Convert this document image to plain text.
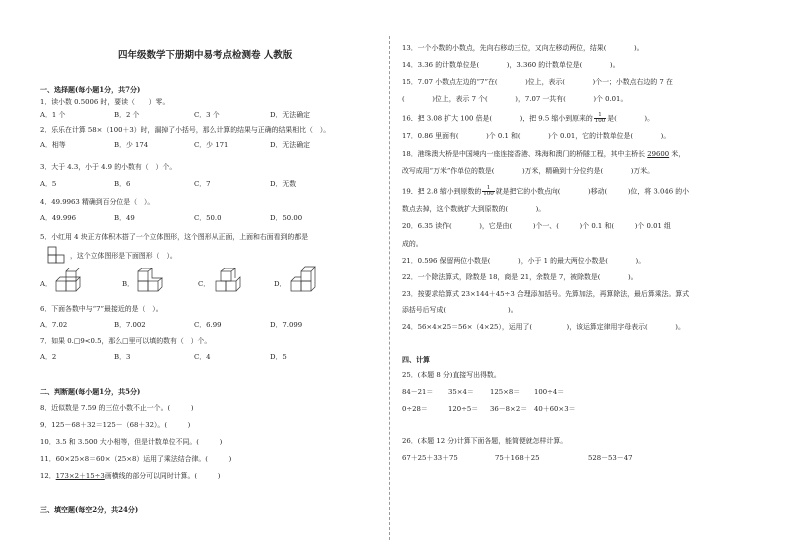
四年级数学下册期中易考点检测卷 人教版
一、选择题(每小题1分，共7分)
1．读小数 0.5006 时，要读（　　）零。
A．1 个	B．2 个	C．3 个	D．无法确定
2．乐乐在计算 58×（100＋3）时，漏掉了小括号，那么计算的结果与正确的结果相比（　）。
A．相等	B．少 174	C．少 171	D．无法确定
3．大于 4.3，小于 4.9 的小数有（　）个。
A．5	B．6	C．7	D．无数
4．49.9963 精确到百分位是（　）。
A．49.996	B．49	C．50.0	D．50.00
5．小红用 4 块正方体积木搭了一个立体图形，这个图形从正面，上面和右面看到的都是
，这个立体图形是下面图形（　）。
A．	B．	C．	D．
6．下面各数中与“7”最接近的是（　）。
A．7.02	B．7.002	C．6.99	D．7.099
7．如果 0.□9<0.5，那么□里可以填的数有（　）个。
A．2	B．3	C．4	D．5
二、判断题(每小题1分，共5分)
8．近似数是 7.59 的三位小数不止一个。(　　　)
9．125－68＋32＝125－（68＋32）。(　　　)
10．3.5 和 3.500 大小相等，但是计数单位不同。(　　　)
11．60×25×8＝60×（25×8）运用了乘法结合律。(　　　)
12．173×2＋15÷3画横线的部分可以同时计算。(　　　)
三、填空题(每空2分，共24分)
13．一个小数的小数点，先向右移动三位，又向左移动两位，结果(　　　　)。
14．3.36 的计数单位是(　　　　)，3.360 的计数单位是(　　　　)。
15．7.07 小数点左边的“7”在(　　　　)位上，表示(　　　　)个一；小数点右边的 7 在
(　　　　)位上，表示 7 个(　　　　)，7.07 一共有(　　　　)个 0.01。
16．把 3.08 扩大 100 倍是(　　　　)，把 9.5 缩小到原来的 $\frac{1}{100}$ 是(　　　　)。
17．0.86 里面有(　　　　)个 0.1 和(　　　　)个 0.01，它的计数单位是(　　　　)。
18．港珠澳大桥是中国境内一座连接香港、珠海和澳门的桥隧工程，其中主桥长 29600 米，
改写成用“万米”作单位的数是(　　　　)万米，精确到十分位约是(　　　　)万米。
19．把 2.8 缩小到原数的 $\frac{1}{100}$ 就是把它的小数点向(　　　　)移动(　　　)位，将 3.046 的小
数点去掉，这个数就扩大到原数的(　　　　)。
20．6.35 读作(　　　　)，它是由(　　　)个一、(　　　)个 0.1 和(　　　)个 0.01 组
成的。
21．0.596 保留两位小数是(　　　　)，小于 1 的最大两位小数是(　　　　)。
22．一个除法算式，除数是 18，商是 21，余数是 7，被除数是(　　　　)。
23．按要求给算式 23×144＋45÷3 合理添加括号。先算加法，再算除法，最后算乘法。算式
添括号后写成(　　　　　　　　　)。
24．56×4×25＝56×（4×25），运用了(　　　　　)，该运算定律用字母表示(　　　　)。
四、计算
25．(本题 8 分)直接写出得数。
84－21＝ 35×4＝ 125×8＝ 100÷4＝
0÷28＝	120÷5＝ 36－8×2＝ 40＋60×3＝
26．(本题 12 分)计算下面各题，能简便就怎样计算。
67＋25＋33＋75	75＋168＋25	528－53－47
